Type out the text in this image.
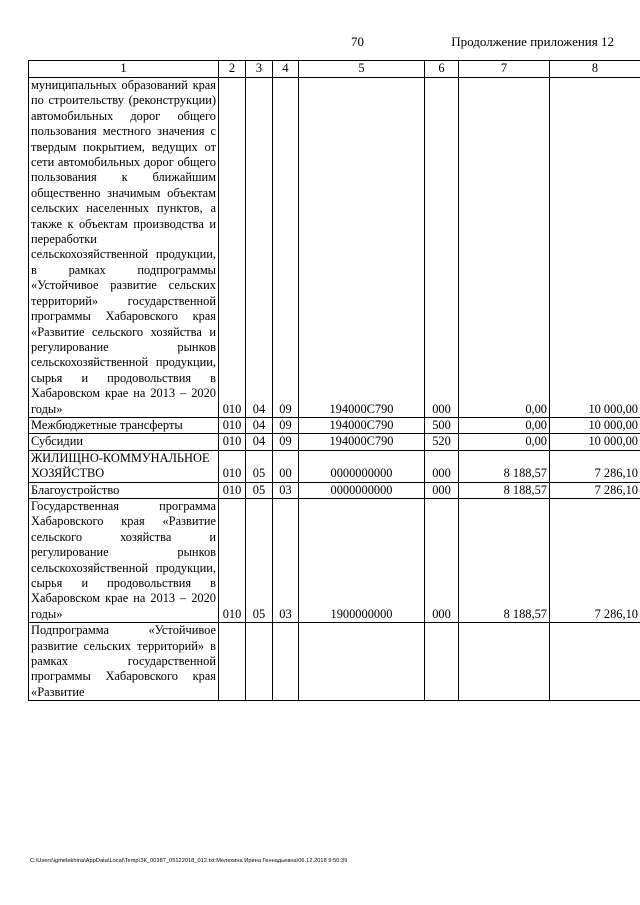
70	Продолжение приложения 12
1	2	3	4	5	6	7	8
муниципальных образований края по строительству (реконструкции) автомобильных дорог общего пользования местного значения с твердым покрытием, ведущих от сети автомобильных дорог общего пользования к ближайшим общественно значимым объектам сельских населенных пунктов, а также к объектам производства и переработки сельскохозяйственной продукции, в рамках подпрограммы «Устойчивое развитие сельских территорий» государственной программы Хабаровского края «Развитие сельского хозяйства и регулирование рынков сельскохозяйственной продукции, сырья и продовольствия в Хабаровском крае на 2013 – 2020 годы»	010	04	09	194000С790	000	0,00	10 000,00
Межбюджетные трансферты	010	04	09	194000С790	500	0,00	10 000,00
Субсидии	010	04	09	194000С790	520	0,00	10 000,00
ЖИЛИЩНО-КОММУНАЛЬНОЕ ХОЗЯЙСТВО	010	05	00	0000000000	000	8 188,57	7 286,10
Благоустройство	010	05	03	0000000000	000	8 188,57	7 286,10
Государственная программа Хабаровского края «Развитие сельского хозяйства и регулирование рынков сельскохозяйственной продукции, сырья и продовольствия в Хабаровском крае на 2013 – 2020 годы»	010	05	03	1900000000	000	8 188,57	7 286,10
Подпрограмма «Устойчивое развитие сельских территорий» в рамках государственной программы Хабаровского края «Развитие							
C:\Users\igmelekhina\AppData\Local\Temp\ЗК_00387_05122018_012.txt:Мелехина Ирина Геннадьевна\06.12.2018 9:50:39
